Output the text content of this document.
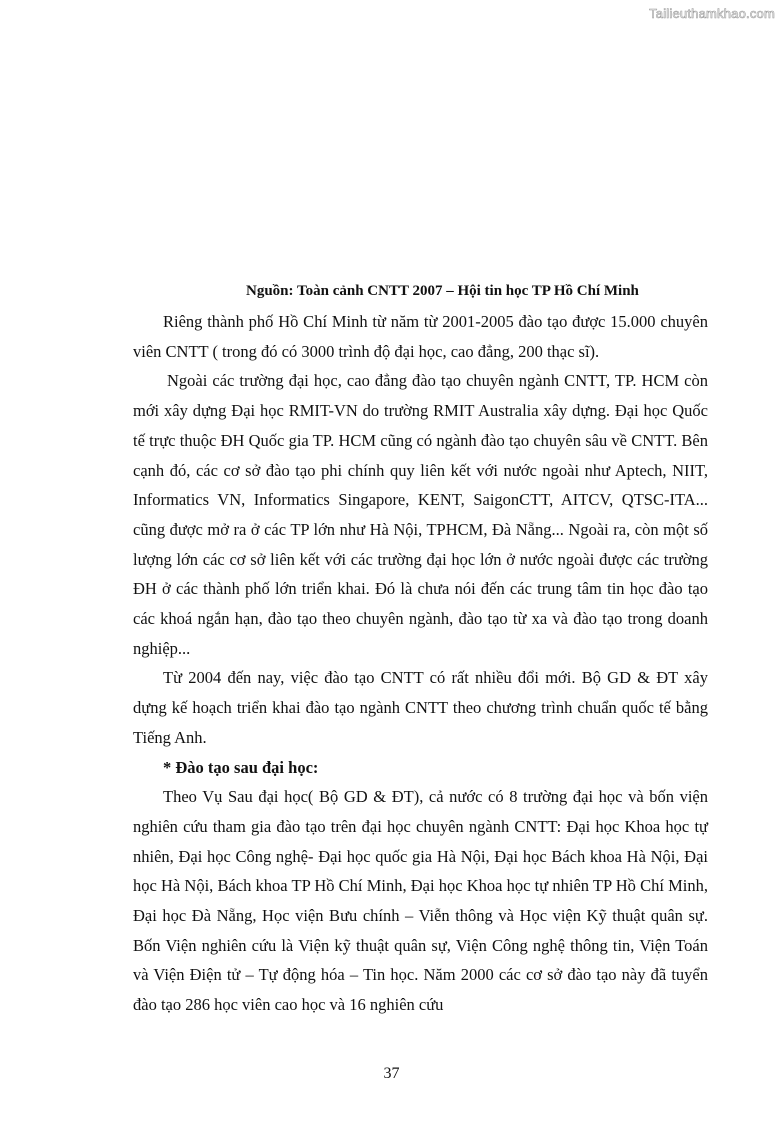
Tailieuthamkhao.com
Nguồn: Toàn cảnh CNTT 2007 – Hội tin học TP Hồ Chí Minh

Riêng thành phố Hồ Chí Minh từ năm từ 2001-2005 đào tạo được 15.000 chuyên viên CNTT ( trong đó có 3000 trình độ đại học, cao đẳng, 200 thạc sĩ).

Ngoài các trường đại học, cao đẳng đào tạo chuyên ngành CNTT, TP. HCM còn mới xây dựng Đại học RMIT-VN do trường RMIT Australia xây dựng. Đại học Quốc tế trực thuộc ĐH Quốc gia TP. HCM cũng có ngành đào tạo chuyên sâu về CNTT. Bên cạnh đó, các cơ sở đào tạo phi chính quy liên kết với nước ngoài như Aptech, NIIT, Informatics VN, Informatics Singapore, KENT, SaigonCTT, AITCV, QTSC-ITA... cũng được mở ra ở các TP lớn như Hà Nội, TPHCM, Đà Nẵng... Ngoài ra, còn một số lượng lớn các cơ sở liên kết với các trường đại học lớn ở nước ngoài được các trường ĐH ở các thành phố lớn triển khai. Đó là chưa nói đến các trung tâm tin học đào tạo các khoá ngắn hạn, đào tạo theo chuyên ngành, đào tạo từ xa và đào tạo trong doanh nghiệp...

Từ 2004 đến nay, việc đào tạo CNTT có rất nhiều đổi mới. Bộ GD & ĐT xây dựng kế hoạch triển khai đào tạo ngành CNTT theo chương trình chuẩn quốc tế bằng Tiếng Anh.

* Đào tạo sau đại học:

Theo Vụ Sau đại học( Bộ GD & ĐT), cả nước có 8 trường đại học và bốn viện nghiên cứu tham gia đào tạo trên đại học chuyên ngành CNTT: Đại học Khoa học tự nhiên, Đại học Công nghệ- Đại học quốc gia Hà Nội, Đại học Bách khoa Hà Nội, Đại học Hà Nội, Bách khoa TP Hồ Chí Minh, Đại học Khoa học tự nhiên TP Hồ Chí Minh, Đại học Đà Nẵng, Học viện Bưu chính – Viễn thông và Học viện Kỹ thuật quân sự. Bốn Viện nghiên cứu là Viện kỹ thuật quân sự, Viện Công nghệ thông tin, Viện Toán và Viện Điện tử – Tự động hóa – Tin học. Năm 2000 các cơ sở đào tạo này đã tuyển đào tạo 286 học viên cao học và 16 nghiên cứu

37
